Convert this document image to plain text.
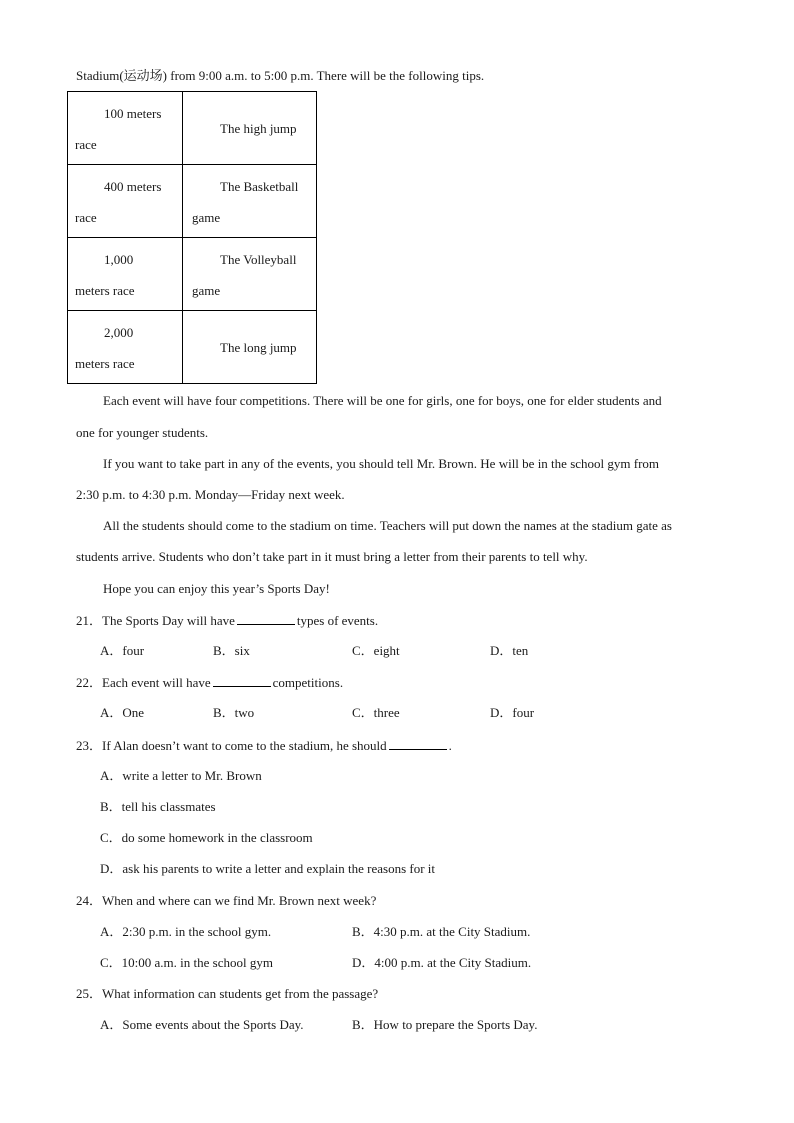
Stadium(运动场) from 9:00 a.m. to 5:00 p.m. There will be the following tips.
100 meters
race	The high jump

400 meters
race	The Basketball
game

1,000
meters race	The Volleyball
game

2,000
meters race	The long jump
Each event will have four competitions. There will be one for girls, one for boys, one for elder students and
one for younger students.
If you want to take part in any of the events, you should tell Mr. Brown. He will be in the school gym from
2:30 p.m. to 4:30 p.m. Monday—Friday next week.
All the students should come to the stadium on time. Teachers will put down the names at the stadium gate as
students arrive. Students who don’t take part in it must bring a letter from their parents to tell why.
Hope you can enjoy this year’s Sports Day!
21．The Sports Day will have	types of events.
A．four	B．six	C．eight	D．ten
22．Each event will have	competitions.
A．One	B．two	C．three	D．four
23．If Alan doesn’t want to come to the stadium, he should	.
A．write a letter to Mr. Brown
B．tell his classmates
C．do some homework in the classroom
D．ask his parents to write a letter and explain the reasons for it
24．When and where can we find Mr. Brown next week?
A．2:30 p.m. in the school gym.	B．4:30 p.m. at the City Stadium.
C．10:00 a.m. in the school gym	D．4:00 p.m. at the City Stadium.
25．What information can students get from the passage?
A．Some events about the Sports Day.	B．How to prepare the Sports Day.
